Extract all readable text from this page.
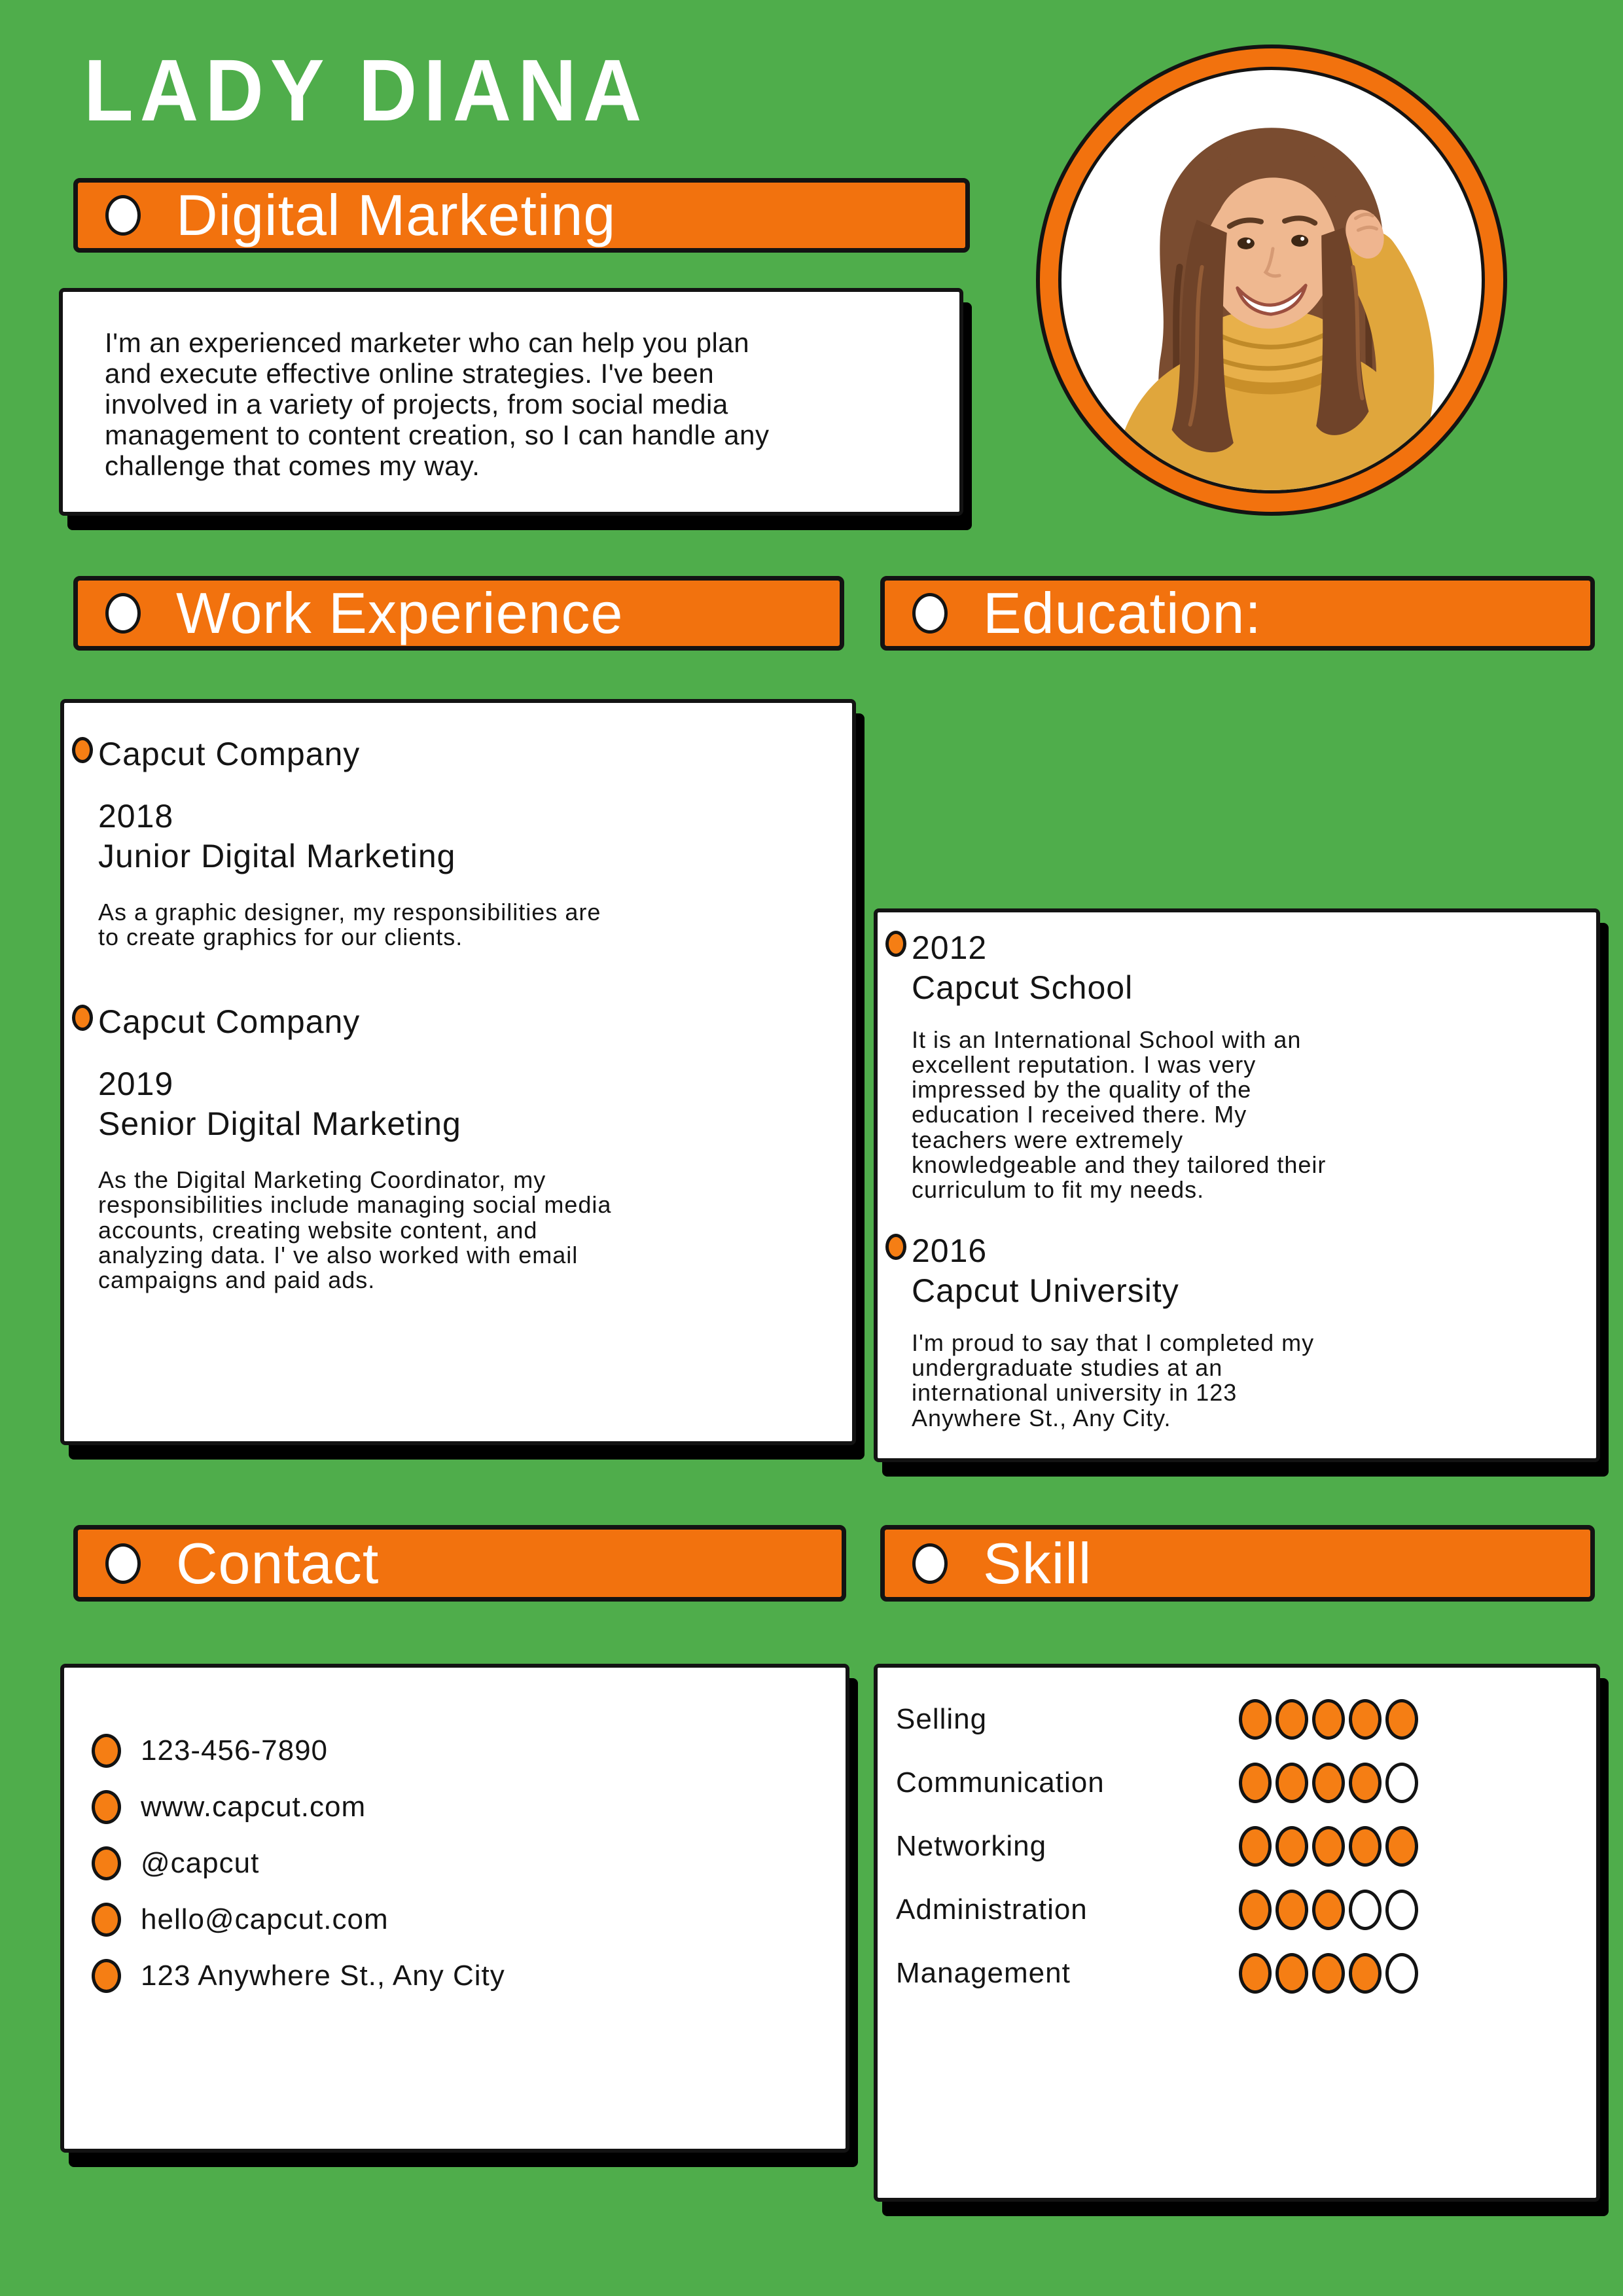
LADY DIANA
Digital Marketing

I'm an experienced marketer who can help you plan and execute effective online strategies. I've been involved in a variety of projects, from social media management to content creation, so I can handle any challenge that comes my way.

Work Experience	Education:
Capcut Company
2018
Junior Digital Marketing

As a graphic designer, my responsibilities are to create graphics for our clients.

Capcut Company
2019
Senior Digital Marketing

As the Digital Marketing Coordinator, my responsibilities include managing social media accounts, creating website content, and analyzing data. I' ve also worked with email campaigns and paid ads.

2012
Capcut School

It is an International School with an excellent reputation. I was very impressed by the quality of the education I received there. My teachers were extremely knowledgeable and they tailored their curriculum to fit my needs.

2016
Capcut University

I'm proud to say that I completed my undergraduate studies at an international university in 123 Anywhere St., Any City.

Contact	Skill
123-456-7890
www.capcut.com
@capcut
hello@capcut.com
123 Anywhere St., Any City
Selling
Communication
Networking
Administration
Management
